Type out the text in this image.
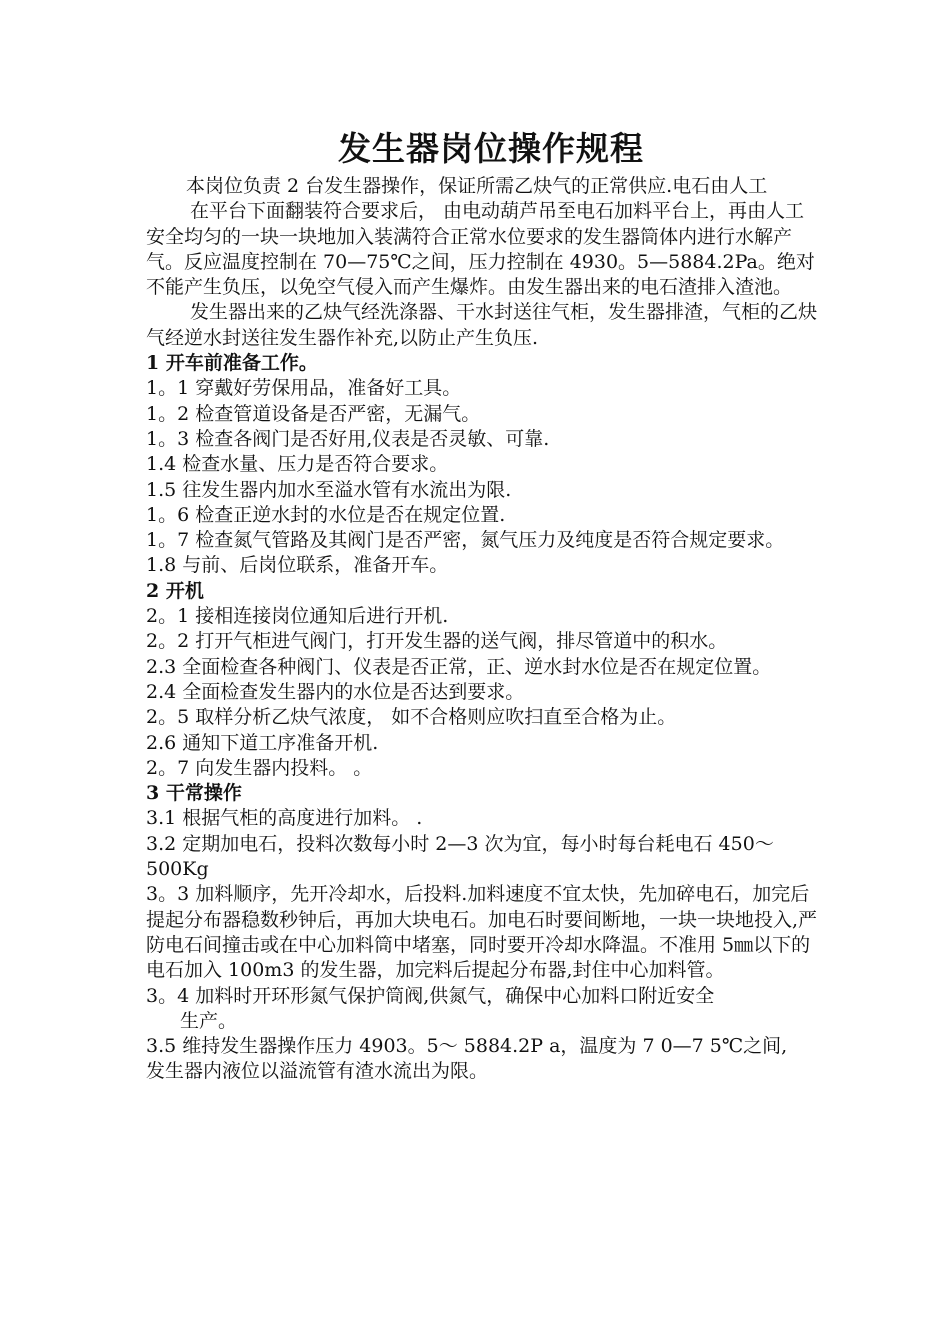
发生器岗位操作规程

本岗位负责 2 台发生器操作，保证所需乙炔气的正常供应.电石由人工

在平台下面翻装符合要求后， 由电动葫芦吊至电石加料平台上，再由人工安全均匀的一块一块地加入装满符合正常水位要求的发生器筒体内进行水解产气。反应温度控制在 70—75℃之间，压力控制在 4930。5—5884.2Pa。绝对不能产生负压，以免空气侵入而产生爆炸。由发生器出来的电石渣排入渣池。

发生器出来的乙炔气经洗涤器、干水封送往气柜，发生器排渣，气柜的乙炔气经逆水封送往发生器作补充,以防止产生负压.

1 开车前准备工作。

1。1 穿戴好劳保用品，准备好工具。

1。2 检查管道设备是否严密，无漏气。

1。3 检查各阀门是否好用,仪表是否灵敏、可靠.

1.4 检查水量、压力是否符合要求。

1.5 往发生器内加水至溢水管有水流出为限.

1。6 检查正逆水封的水位是否在规定位置.

1。7 检查氮气管路及其阀门是否严密，氮气压力及纯度是否符合规定要求。

1.8 与前、后岗位联系，准备开车。

2 开机

2。1 接相连接岗位通知后进行开机.

2。2 打开气柜进气阀门，打开发生器的送气阀，排尽管道中的积水。

2.3 全面检查各种阀门、仪表是否正常，正、逆水封水位是否在规定位置。

2.4 全面检查发生器内的水位是否达到要求。

2。5 取样分析乙炔气浓度， 如不合格则应吹扫直至合格为止。

2.6 通知下道工序准备开机.

2。7 向发生器内投料。 。

3 干常操作

3.1 根据气柜的高度进行加料。 .

3.2 定期加电石，投料次数每小时 2—3 次为宜，每小时每台耗电石 450～500Kg

3。3 加料顺序，先开冷却水，后投料.加料速度不宜太快，先加碎电石，加完后提起分布器稳数秒钟后，再加大块电石。加电石时要间断地，一块一块地投入,严防电石间撞击或在中心加料筒中堵塞，同时要开冷却水降温。不准用 5㎜以下的电石加入 100m3 的发生器，加完料后提起分布器,封住中心加料管。

3。4 加料时开环形氮气保护筒阀,供氮气，确保中心加料口附近安全

生产。

3.5 维持发生器操作压力 4903。5～ 5884.2P a，温度为 7 0—7 5℃之间,

发生器内液位以溢流管有渣水流出为限。
